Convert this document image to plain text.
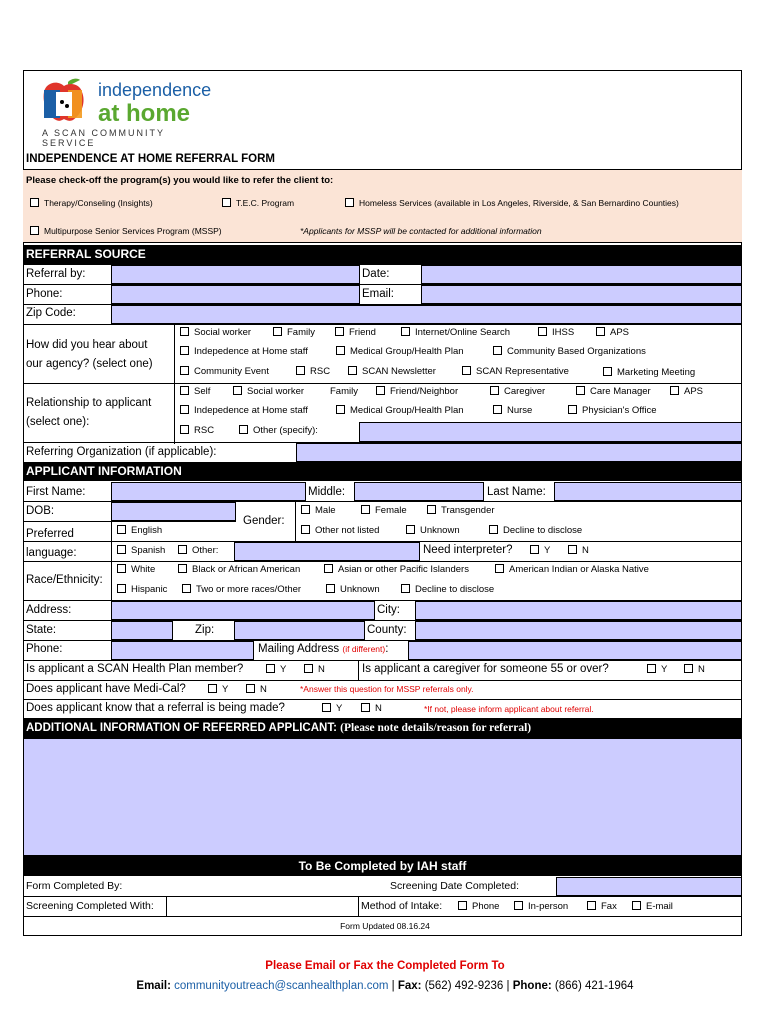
independence
at home
A SCAN COMMUNITY SERVICE
INDEPENDENCE AT HOME REFERRAL FORM
Please check-off the program(s) you would like to refer the client to:
Therapy/Conseling (Insights)	T.E.C. Program	Homeless Services (available in Los Angeles, Riverside, & San Bernardino Counties)
Multipurpose Senior Services Program (MSSP)	*Applicants for MSSP will be contacted for additional information
REFERRAL SOURCE
Referral by:	Date:
Phone:	Email:
Zip Code:
How did you hear about
our agency? (select one)
Social worker	Family	Friend	Internet/Online Search	IHSS	APS
Indepedence at Home staff	Medical Group/Health Plan	Community Based Organizations
Community Event	RSC	SCAN Newsletter	SCAN Representative	Marketing Meeting
Relationship to applicant
(select one):
Self	Social worker	Family	Friend/Neighbor	Caregiver	Care Manager	APS
Indepedence at Home staff	Medical Group/Health Plan	Nurse	Physician's Office
RSC	Other (specify):
Referring Organization (if applicable):
APPLICANT INFORMATION
First Name:	Middle:	Last Name:
DOB:
Gender:
Male	Female	Transgender
Other not listed	Unknown	Decline to disclose
Preferred
language:
English
Spanish	Other:	Need interpreter?	Y	N
Race/Ethnicity:
White	Black or African American	Asian or other Pacific Islanders	American Indian or Alaska Native
Hispanic	Two or more races/Other	Unknown	Decline to disclose
Address:	City:
State:	Zip:	County:
Phone:	Mailing Address (if different):
Is applicant a SCAN Health Plan member?	Y	N	Is applicant a caregiver for someone 55 or over?	Y	N
Does applicant have Medi-Cal?	Y	N	*Answer this question for MSSP referrals only.
Does applicant know that a referral is being made?	Y	N	*If not, please inform applicant about referral.
ADDITIONAL INFORMATION OF REFERRED APPLICANT: (Please note details/reason for referral)
To Be Completed by IAH staff
Form Completed By:	Screening Date Completed:
Screening Completed With:	Method of Intake:	Phone	In-person	Fax	E-mail
Form Updated 08.16.24
Please Email or Fax the Completed Form To
Email: communityoutreach@scanhealthplan.com | Fax: (562) 492-9236 | Phone: (866) 421-1964
